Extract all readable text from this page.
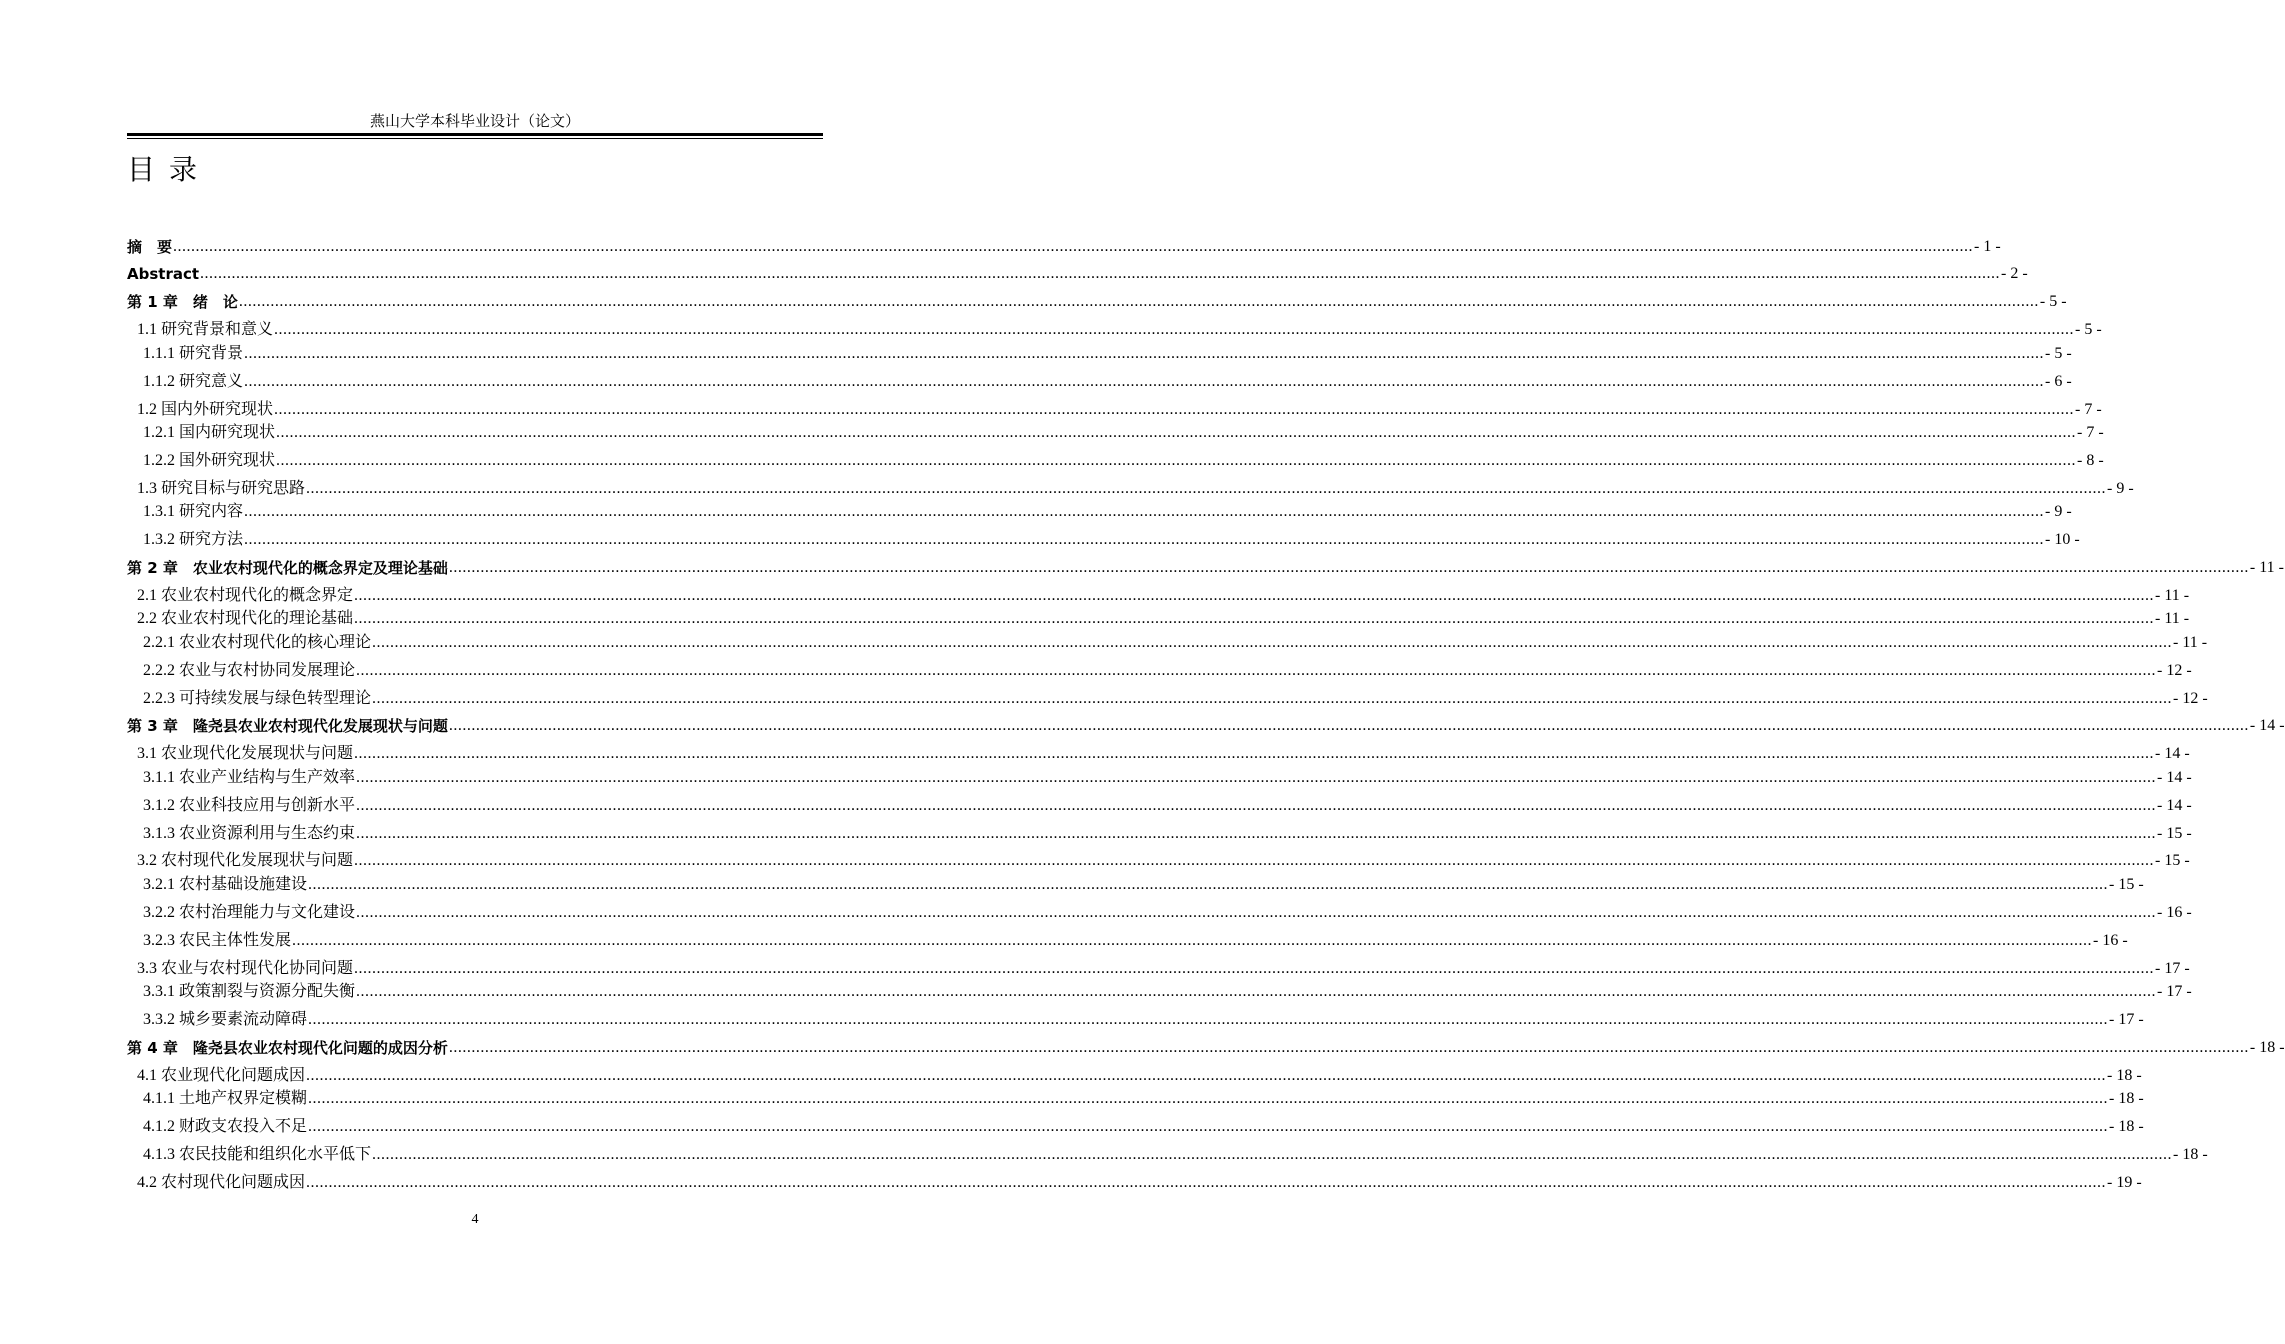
燕山大学本科毕业设计（论文）
目录
摘　要 ................................................................................................................................................................................................................................................................................................................................................................................................................ - 1 -
Abstract ................................................................................................................................................................................................................................................................................................................................................................................................................ - 2 -
第 1 章　绪　论 ................................................................................................................................................................................................................................................................................................................................................................................................................ - 5 -
1.1 研究背景和意义 ................................................................................................................................................................................................................................................................................................................................................................................................................ - 5 -
1.1.1 研究背景 ................................................................................................................................................................................................................................................................................................................................................................................................................ - 5 -
1.1.2 研究意义 ................................................................................................................................................................................................................................................................................................................................................................................................................ - 6 -
1.2 国内外研究现状 ................................................................................................................................................................................................................................................................................................................................................................................................................ - 7 -
1.2.1 国内研究现状 ................................................................................................................................................................................................................................................................................................................................................................................................................ - 7 -
1.2.2 国外研究现状 ................................................................................................................................................................................................................................................................................................................................................................................................................ - 8 -
1.3 研究目标与研究思路 ................................................................................................................................................................................................................................................................................................................................................................................................................ - 9 -
1.3.1 研究内容 ................................................................................................................................................................................................................................................................................................................................................................................................................ - 9 -
1.3.2 研究方法 ................................................................................................................................................................................................................................................................................................................................................................................................................ - 10 -
第 2 章　农业农村现代化的概念界定及理论基础 ................................................................................................................................................................................................................................................................................................................................................................................................................ - 11 -
2.1 农业农村现代化的概念界定 ................................................................................................................................................................................................................................................................................................................................................................................................................ - 11 -
2.2 农业农村现代化的理论基础 ................................................................................................................................................................................................................................................................................................................................................................................................................ - 11 -
2.2.1 农业农村现代化的核心理论 ................................................................................................................................................................................................................................................................................................................................................................................................................ - 11 -
2.2.2 农业与农村协同发展理论 ................................................................................................................................................................................................................................................................................................................................................................................................................ - 12 -
2.2.3 可持续发展与绿色转型理论 ................................................................................................................................................................................................................................................................................................................................................................................................................ - 12 -
第 3 章　隆尧县农业农村现代化发展现状与问题 ................................................................................................................................................................................................................................................................................................................................................................................................................ - 14 -
3.1 农业现代化发展现状与问题 ................................................................................................................................................................................................................................................................................................................................................................................................................ - 14 -
3.1.1 农业产业结构与生产效率 ................................................................................................................................................................................................................................................................................................................................................................................................................ - 14 -
3.1.2 农业科技应用与创新水平 ................................................................................................................................................................................................................................................................................................................................................................................................................ - 14 -
3.1.3 农业资源利用与生态约束 ................................................................................................................................................................................................................................................................................................................................................................................................................ - 15 -
3.2 农村现代化发展现状与问题 ................................................................................................................................................................................................................................................................................................................................................................................................................ - 15 -
3.2.1 农村基础设施建设 ................................................................................................................................................................................................................................................................................................................................................................................................................ - 15 -
3.2.2 农村治理能力与文化建设 ................................................................................................................................................................................................................................................................................................................................................................................................................ - 16 -
3.2.3 农民主体性发展 ................................................................................................................................................................................................................................................................................................................................................................................................................ - 16 -
3.3 农业与农村现代化协同问题 ................................................................................................................................................................................................................................................................................................................................................................................................................ - 17 -
3.3.1 政策割裂与资源分配失衡 ................................................................................................................................................................................................................................................................................................................................................................................................................ - 17 -
3.3.2 城乡要素流动障碍 ................................................................................................................................................................................................................................................................................................................................................................................................................ - 17 -
第 4 章　隆尧县农业农村现代化问题的成因分析 ................................................................................................................................................................................................................................................................................................................................................................................................................ - 18 -
4.1 农业现代化问题成因 ................................................................................................................................................................................................................................................................................................................................................................................................................ - 18 -
4.1.1 土地产权界定模糊 ................................................................................................................................................................................................................................................................................................................................................................................................................ - 18 -
4.1.2 财政支农投入不足 ................................................................................................................................................................................................................................................................................................................................................................................................................ - 18 -
4.1.3 农民技能和组织化水平低下 ................................................................................................................................................................................................................................................................................................................................................................................................................ - 18 -
4.2 农村现代化问题成因 ................................................................................................................................................................................................................................................................................................................................................................................................................ - 19 -
4
